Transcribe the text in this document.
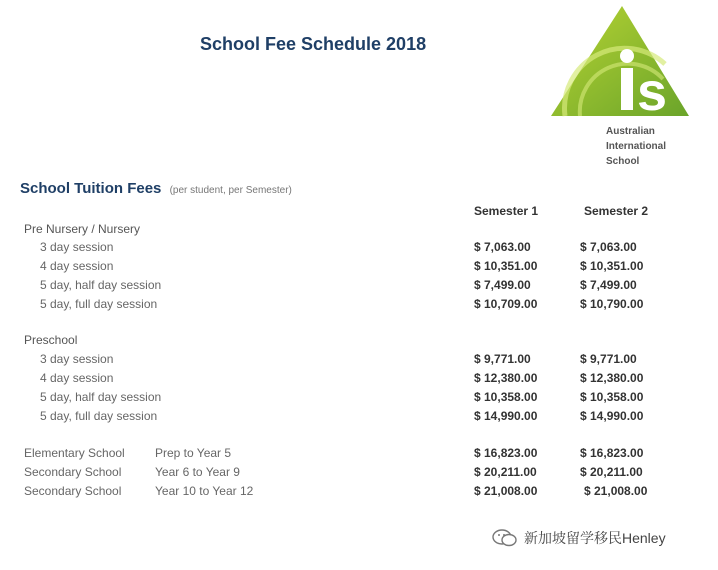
School Fee Schedule 2018
s
Australian
International
School
School Tuition Fees (per student, per Semester)
Semester 1	Semester 2
Pre Nursery / Nursery
3 day session	$ 7,063.00	$ 7,063.00
4 day session	$ 10,351.00	$ 10,351.00
5 day, half day session	$ 7,499.00	$ 7,499.00
5 day, full day session	$ 10,709.00	$ 10,790.00
Preschool
3 day session	$ 9,771.00	$ 9,771.00
4 day session	$ 12,380.00	$ 12,380.00
5 day, half day session	$ 10,358.00	$ 10,358.00
5 day, full day session	$ 14,990.00	$ 14,990.00
Elementary School	Prep to Year 5	$ 16,823.00	$ 16,823.00
Secondary School	Year 6 to Year 9	$ 20,211.00	$ 20,211.00
Secondary School	Year 10 to Year 12	$ 21,008.00	$ 21,008.00
新加坡留学移民Henley
